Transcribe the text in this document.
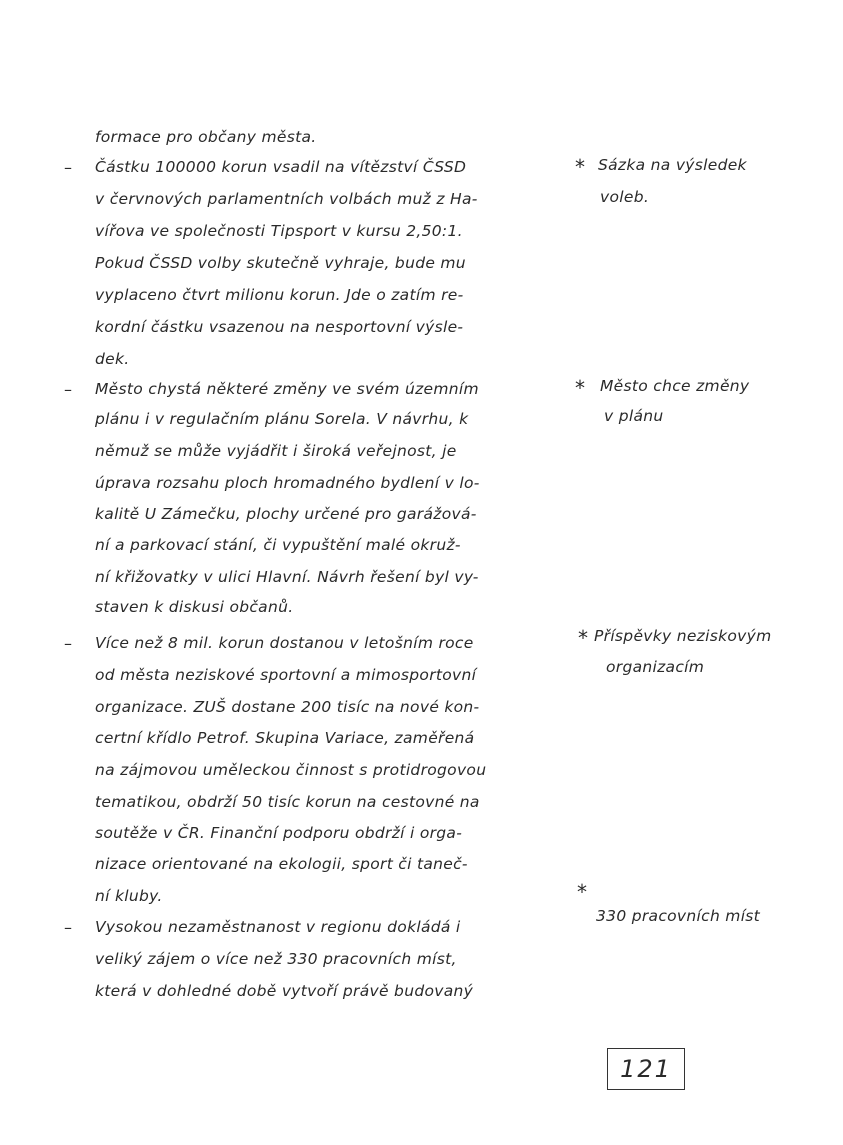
formace pro občany města.
– Částku 100000 korun vsadil na vítězství ČSSD
v červnových parlamentních volbách muž z Ha-
vířova ve společnosti Tipsport v kursu 2,50:1.
Pokud ČSSD volby skutečně vyhraje, bude mu
vyplaceno čtvrt milionu korun. Jde o zatím re-
kordní částku vsazenou na nesportovní výsle-
dek.
– Město chystá některé změny ve svém územním
plánu i v regulačním plánu Sorela. V návrhu, k
němuž se může vyjádřit i široká veřejnost, je
úprava rozsahu ploch hromadného bydlení v lo-
kalitě U Zámečku, plochy určené pro garážová-
ní a parkovací stání, či vypuštění malé okruž-
ní křižovatky v ulici Hlavní. Návrh řešení byl vy-
staven k diskusi občanů.
– Více než 8 mil. korun dostanou v letošním roce
od města neziskové sportovní a mimosportovní
organizace. ZUŠ dostane 200 tisíc na nové kon-
certní křídlo Petrof. Skupina Variace, zaměřená
na zájmovou uměleckou činnost s protidrogovou
tematikou, obdrží 50 tisíc korun na cestovné na
soutěže v ČR. Finanční podporu obdrží i orga-
nizace orientované na ekologii, sport či taneč-
ní kluby.
– Vysokou nezaměstnanost v regionu dokládá i
veliký zájem o více než 330 pracovních míst,
která v dohledné době vytvoří právě budovaný
* Sázka na výsledek
voleb.
* Město chce změny
v plánu
* Příspěvky neziskovým
organizacím
*
330 pracovních míst
121
